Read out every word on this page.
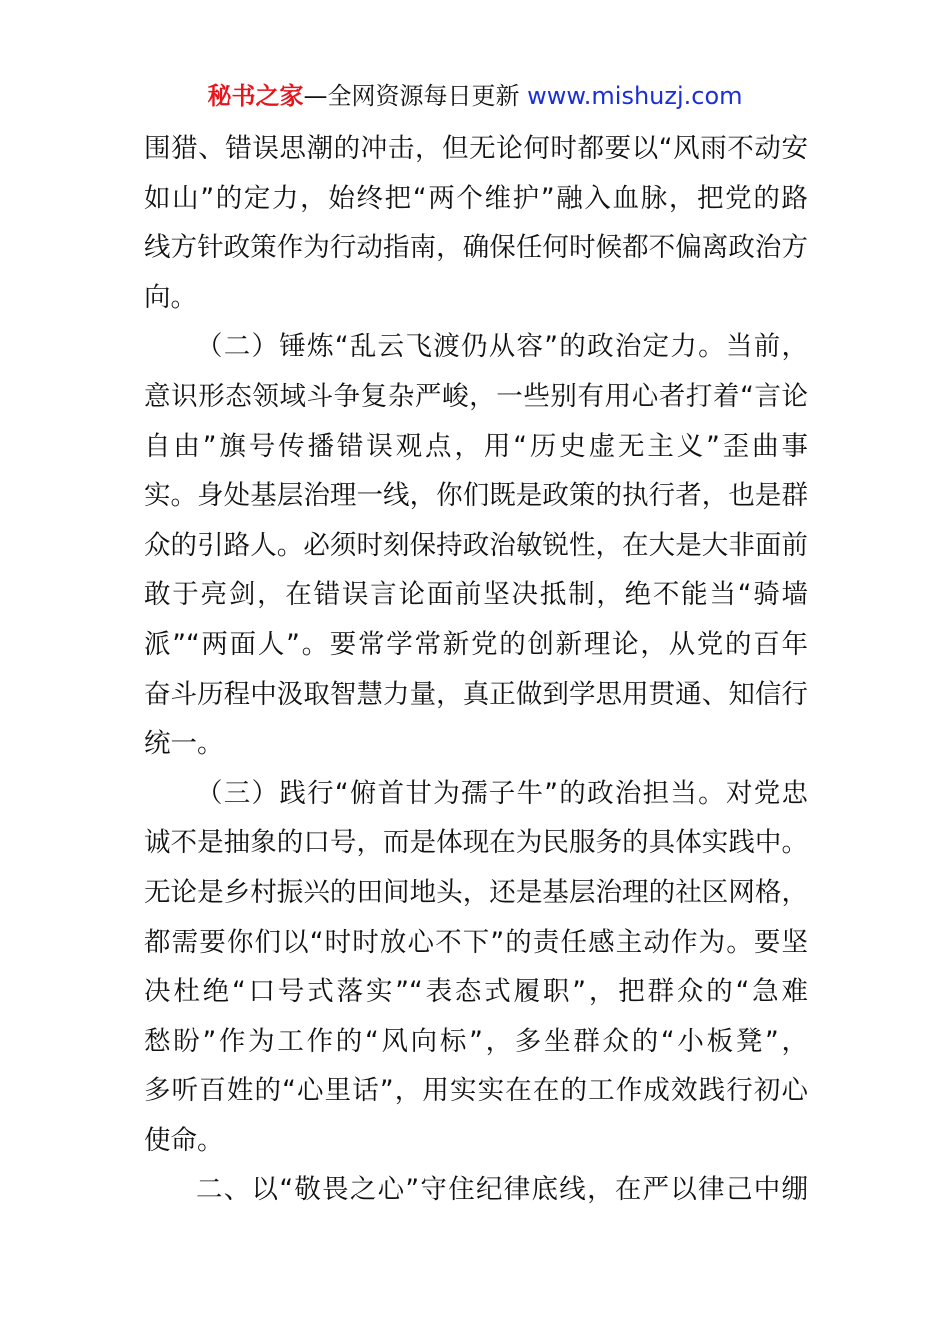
秘书之家—全网资源每日更新 www.mishuzj.com
围猎、错误思潮的冲击，但无论何时都要以“风雨不动安
如山”的定力，始终把“两个维护”融入血脉，把党的路
线方针政策作为行动指南，确保任何时候都不偏离政治方
向。
（二）锤炼“乱云飞渡仍从容”的政治定力。当前，
意识形态领域斗争复杂严峻，一些别有用心者打着“言论
自由”旗号传播错误观点，用“历史虚无主义”歪曲事
实。身处基层治理一线，你们既是政策的执行者，也是群
众的引路人。必须时刻保持政治敏锐性，在大是大非面前
敢于亮剑，在错误言论面前坚决抵制，绝不能当“骑墙
派”“两面人”。要常学常新党的创新理论，从党的百年
奋斗历程中汲取智慧力量，真正做到学思用贯通、知信行
统一。
（三）践行“俯首甘为孺子牛”的政治担当。对党忠
诚不是抽象的口号，而是体现在为民服务的具体实践中。
无论是乡村振兴的田间地头，还是基层治理的社区网格，
都需要你们以“时时放心不下”的责任感主动作为。要坚
决杜绝“口号式落实”“表态式履职”，把群众的“急难
愁盼”作为工作的“风向标”，多坐群众的“小板凳”，
多听百姓的“心里话”，用实实在在的工作成效践行初心
使命。
二、以“敬畏之心”守住纪律底线，在严以律己中绷
